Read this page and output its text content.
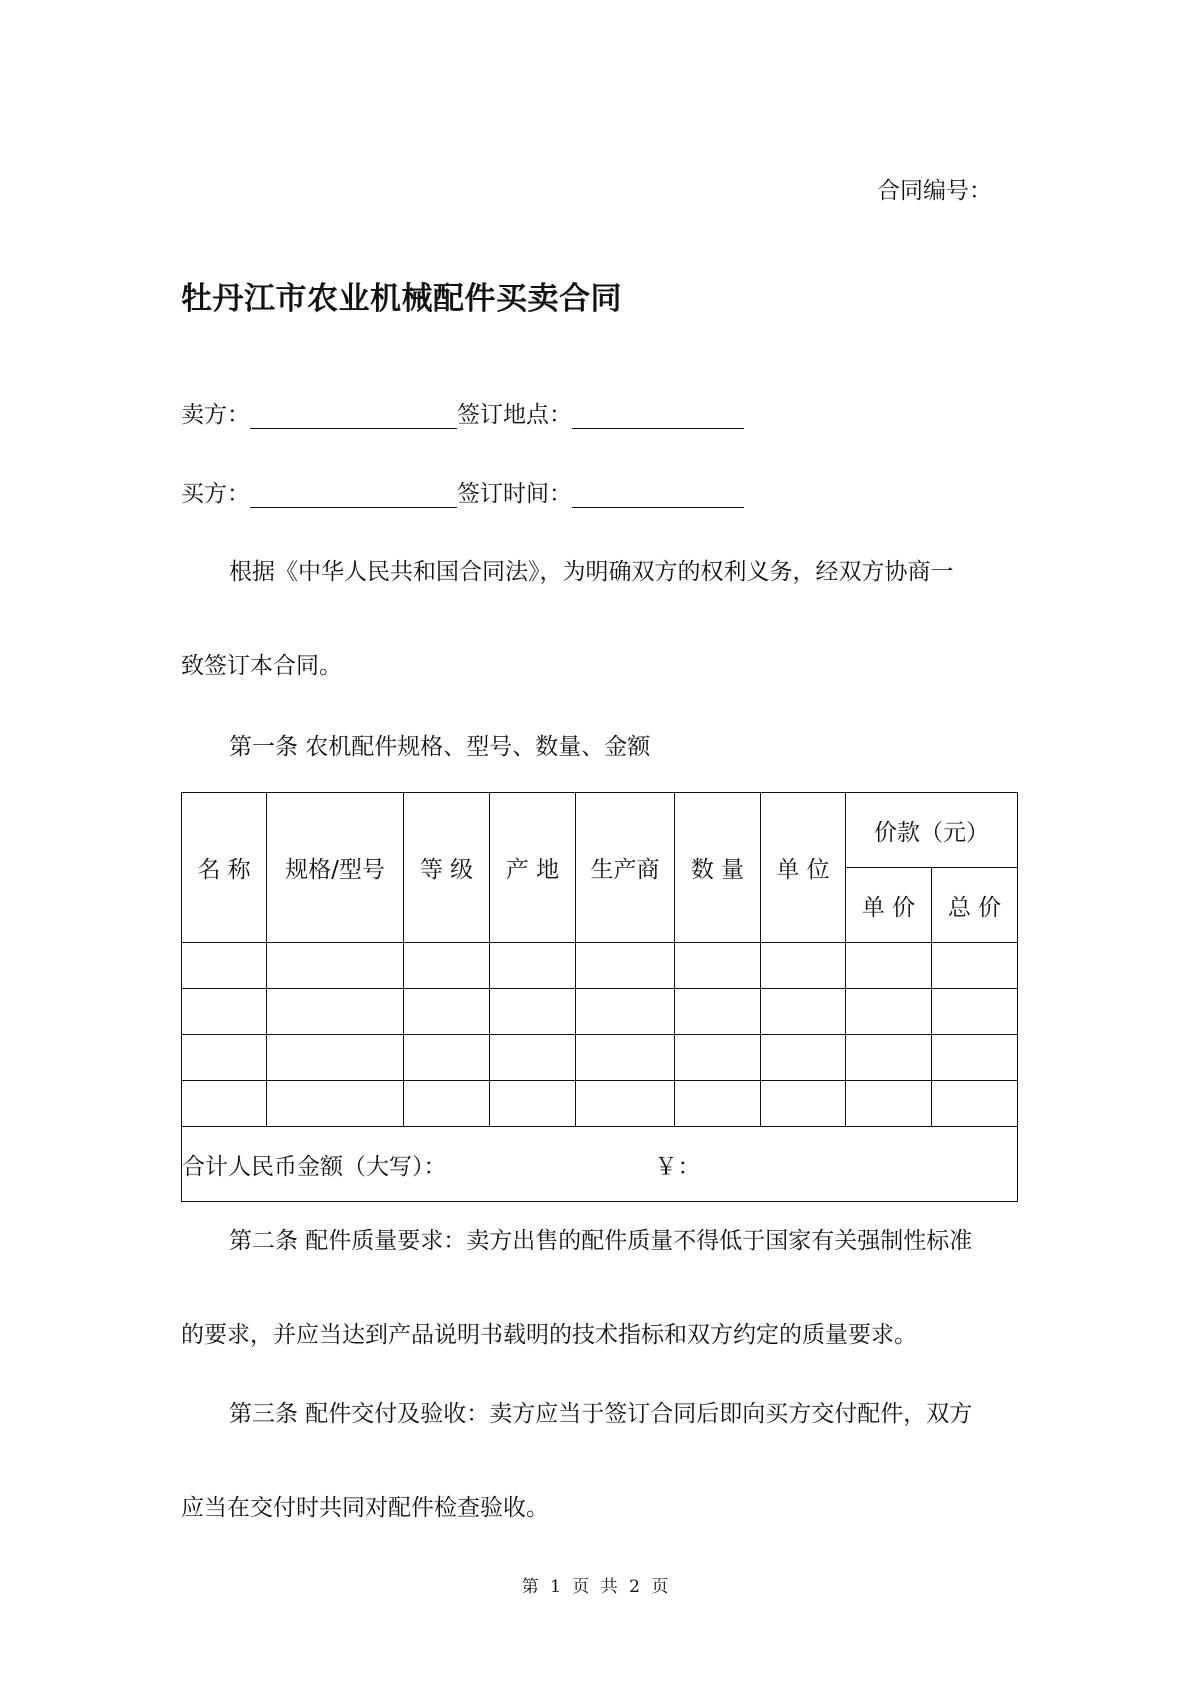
合同编号：
牡丹江市农业机械配件买卖合同
卖方：	签订地点：
买方：	签订时间：
根据《中华人民共和国合同法》，为明确双方的权利义务，经双方协商一
致签订本合同。
第一条 农机配件规格、型号、数量、金额
名 称	规格/型号	等 级	产 地	生产商	数 量	单 位	价款（元）	
							单 价	总 价

合计人民币金额（大写）： ￥：								
第二条 配件质量要求：卖方出售的配件质量不得低于国家有关强制性标准
的要求，并应当达到产品说明书载明的技术指标和双方约定的质量要求。
第三条 配件交付及验收：卖方应当于签订合同后即向买方交付配件，双方
应当在交付时共同对配件检查验收。
第 1 页 共 2 页
